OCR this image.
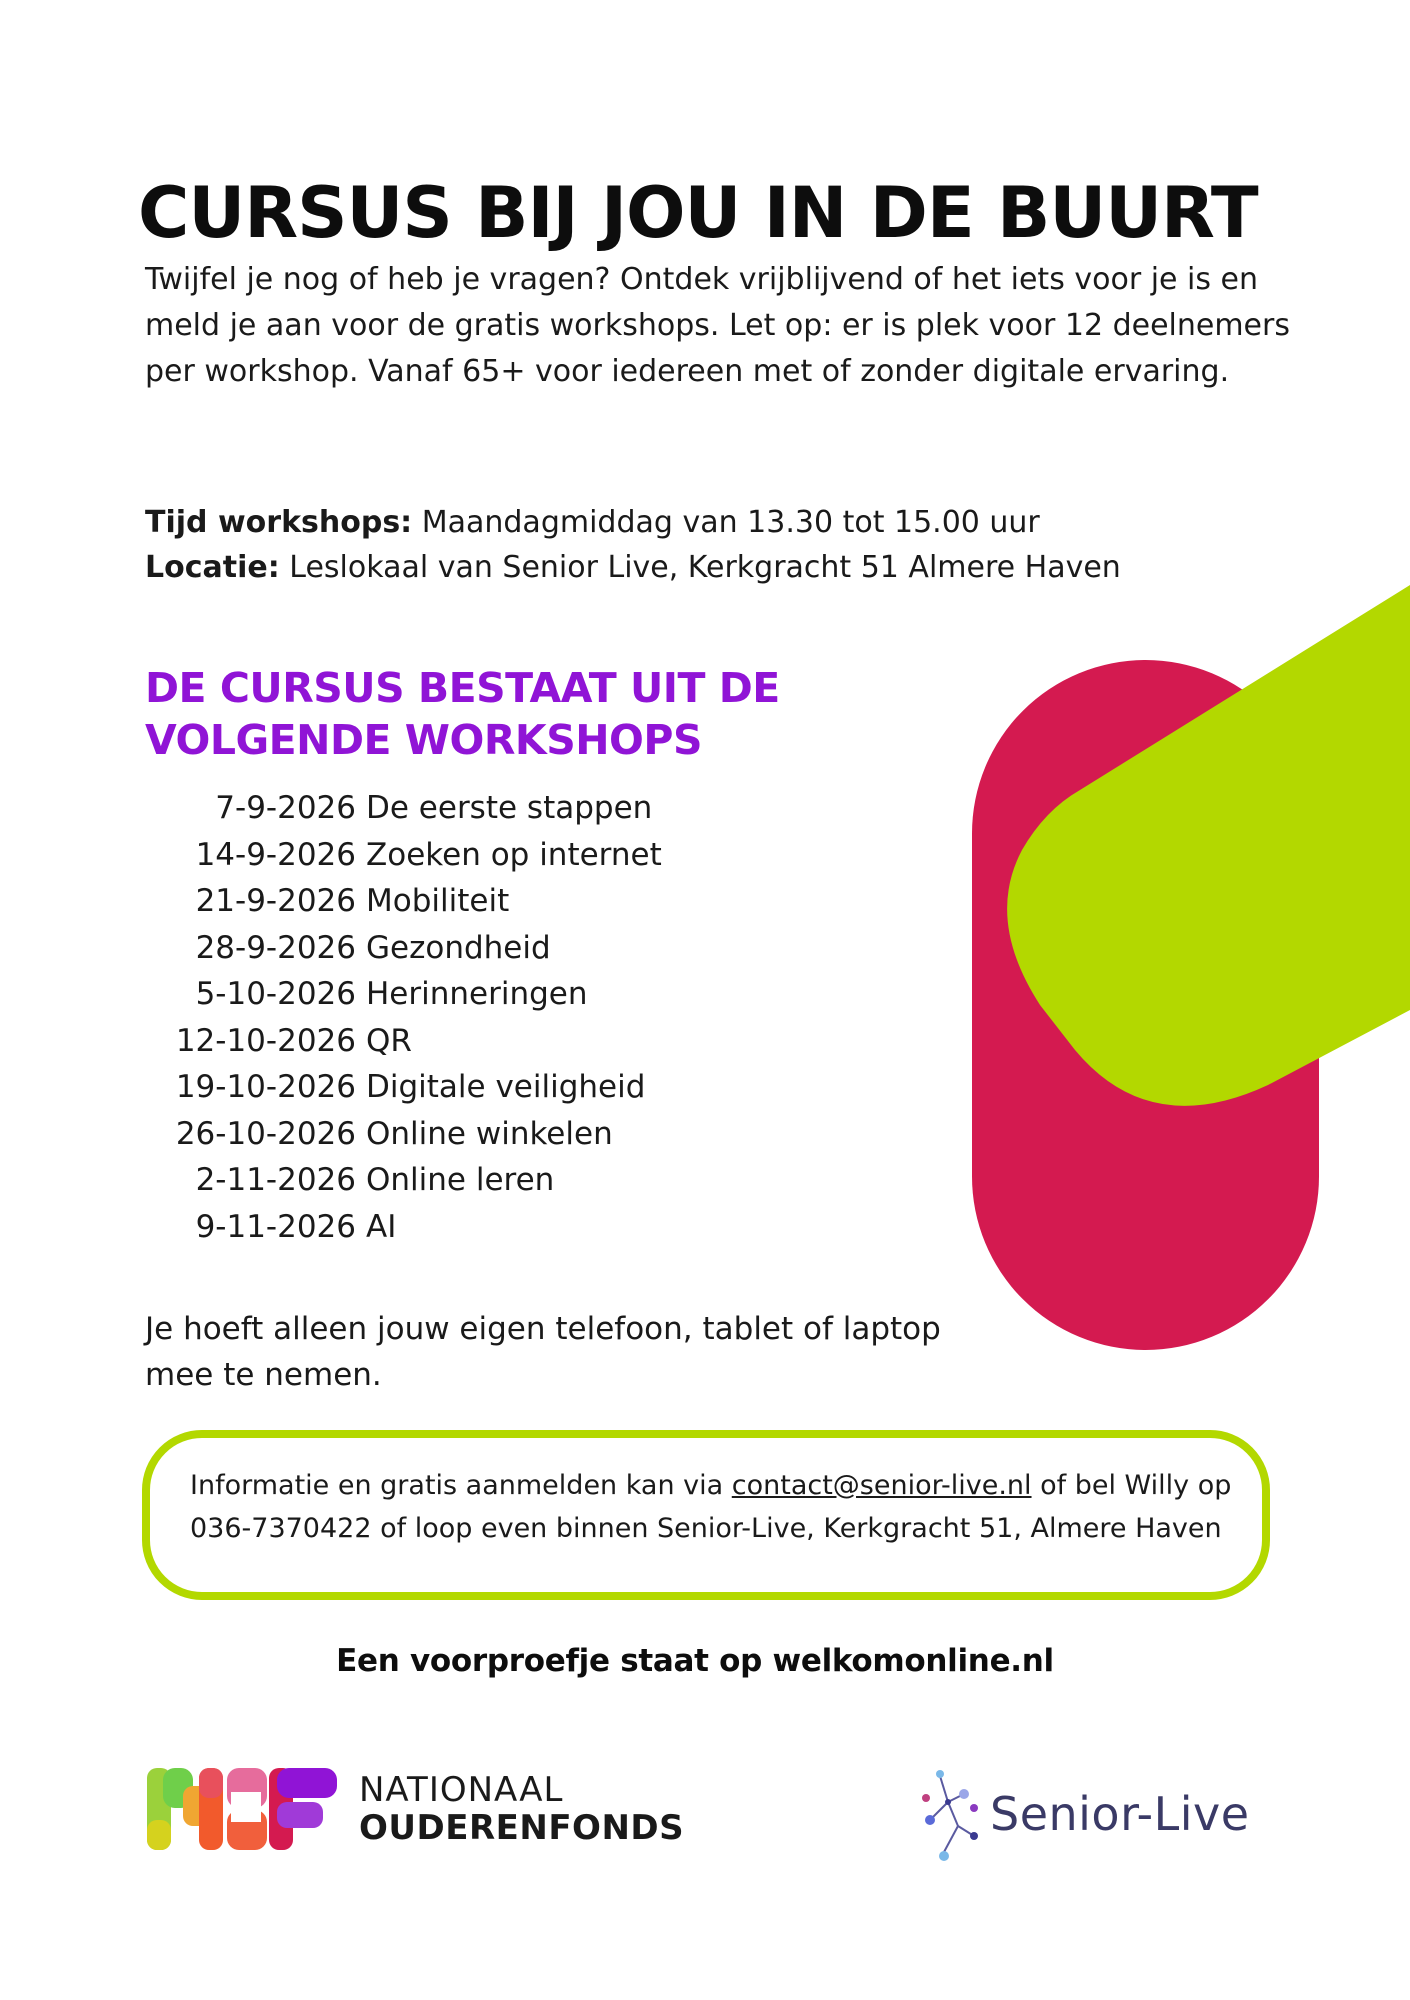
CURSUS BIJ JOU IN DE BUURT

Twijfel je nog of heb je vragen? Ontdek vrijblijvend of het iets voor je is en meld je aan voor de gratis workshops. Let op: er is plek voor 12 deelnemers per workshop. Vanaf 65+ voor iedereen met of zonder digitale ervaring.

Tijd workshops: Maandagmiddag van 13.30 tot 15.00 uur

Locatie: Leslokaal van Senior Live, Kerkgracht 51 Almere Haven

DE CURSUS BESTAAT UIT DE
VOLGENDE WORKSHOPS
7-9-2026 De eerste stappen
14-9-2026 Zoeken op internet
21-9-2026 Mobiliteit
28-9-2026 Gezondheid
5-10-2026 Herinneringen
12-10-2026 QR
19-10-2026 Digitale veiligheid
26-10-2026 Online winkelen
2-11-2026 Online leren
9-11-2026 AI

Je hoeft alleen jouw eigen telefoon, tablet of laptop mee te nemen.

Informatie en gratis aanmelden kan via contact@senior-live.nl of bel Willy op 036-7370422 of loop even binnen Senior-Live, Kerkgracht 51, Almere Haven

Een voorproefje staat op welkomonline.nl

NATIONAAL
OUDERENFONDS	Senior-Live
